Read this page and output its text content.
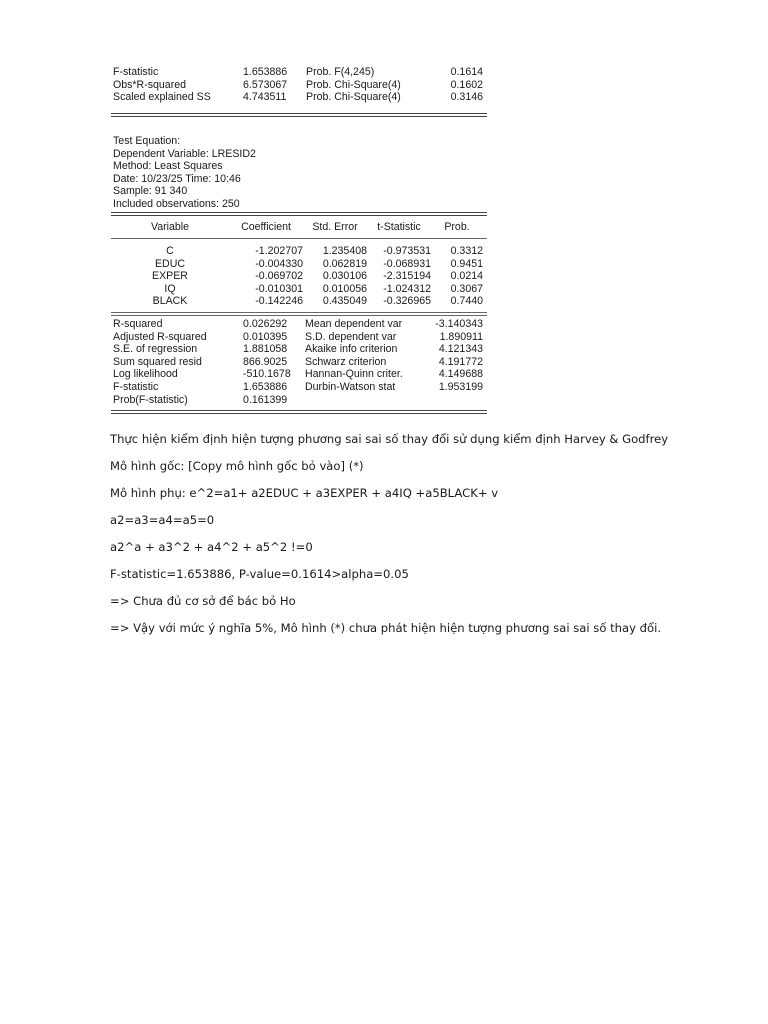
F-statistic	1.653886 Prob. F(4,245)	0.1614
Obs*R-squared	6.573067 Prob. Chi-Square(4)	0.1602
Scaled explained SS	4.743511 Prob. Chi-Square(4)	0.3146
Test Equation:
Dependent Variable: LRESID2
Method: Least Squares
Date: 10/23/25 Time: 10:46
Sample: 91 340
Included observations: 250
Variable	Coefficient	Std. Error	t-Statistic	Prob.
C	-1.202707	1.235408	-0.973531	0.3312
EDUC	-0.004330	0.062819	-0.068931	0.9451
EXPER	-0.069702	0.030106	-2.315194	0.0214
IQ	-0.010301	0.010056	-1.024312	0.3067
BLACK	-0.142246	0.435049	-0.326965	0.7440
R-squared	0.026292 Mean dependent var	-3.140343
Adjusted R-squared	0.010395 S.D. dependent var	1.890911
S.E. of regression	1.881058 Akaike info criterion	4.121343
Sum squared resid	866.9025 Schwarz criterion	4.191772
Log likelihood	-510.1678 Hannan-Quinn criter.	4.149688
F-statistic	1.653886 Durbin-Watson stat	1.953199
Prob(F-statistic)	0.161399
Thực hiện kiểm định hiện tượng phương sai sai số thay đổi sử dụng kiểm định Harvey & Godfrey
Mô hình gốc: [Copy mô hình gốc bỏ vào] (*)
Mô hình phụ: e^2=a1+ a2EDUC + a3EXPER + a4IQ +a5BLACK+ v
a2=a3=a4=a5=0
a2^a + a3^2 + a4^2 + a5^2 !=0
F-statistic=1.653886, P-value=0.1614>alpha=0.05
=> Chưa đủ cơ sở để bác bỏ Ho
=> Vậy với mức ý nghĩa 5%, Mô hình (*) chưa phát hiện hiện tượng phương sai sai số thay đổi.
